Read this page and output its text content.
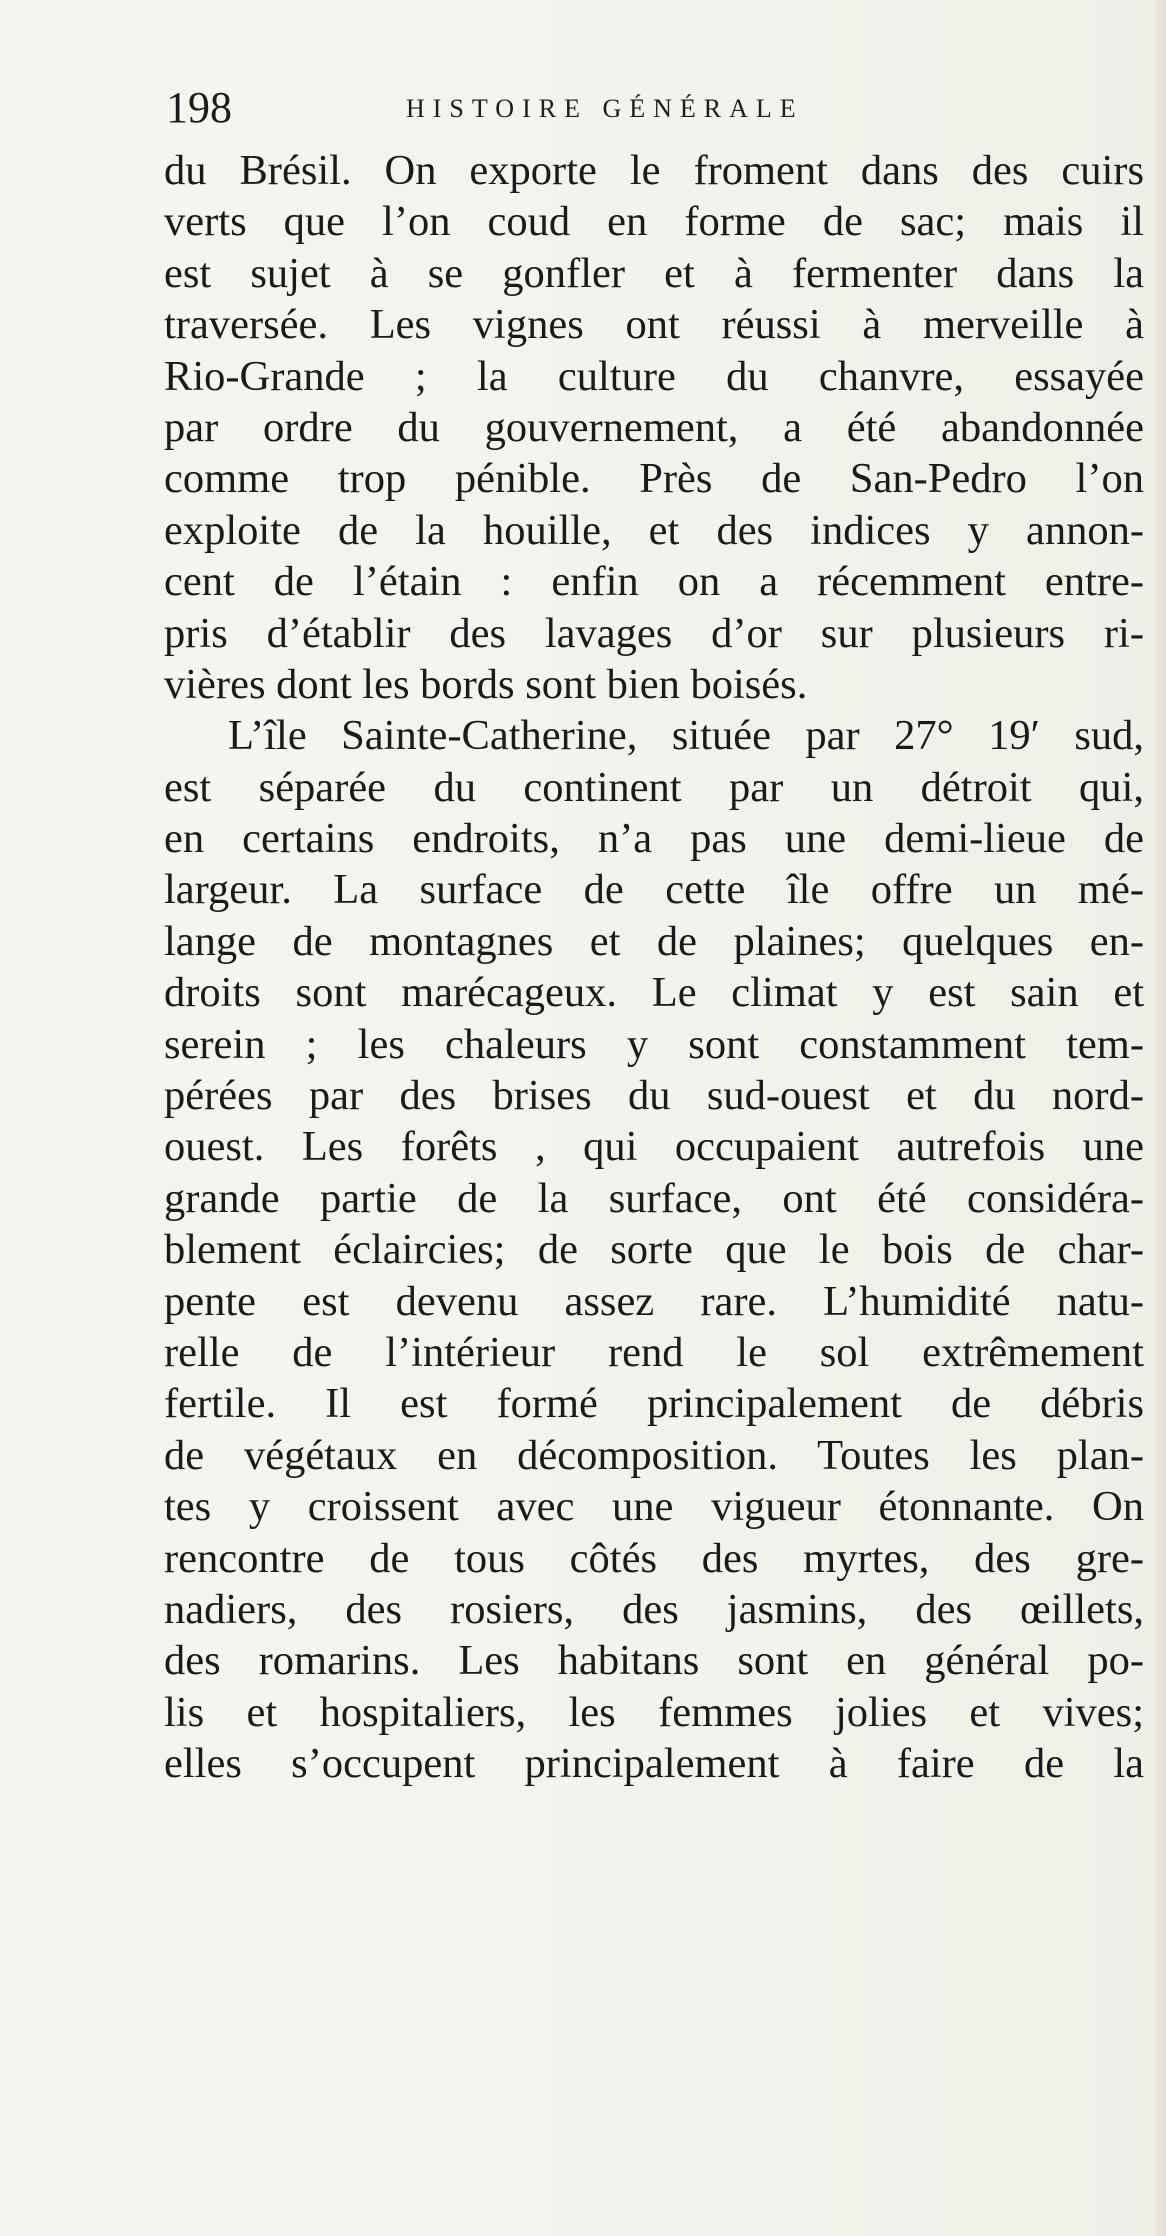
198	HISTOIRE GÉNÉRALE
du Brésil. On exporte le froment dans des cuirs
verts que l’on coud en forme de sac; mais il
est sujet à se gonfler et à fermenter dans la
traversée. Les vignes ont réussi à merveille à
Rio-Grande ; la culture du chanvre, essayée
par ordre du gouvernement, a été abandonnée
comme trop pénible. Près de San-Pedro l’on
exploite de la houille, et des indices y annon-
cent de l’étain : enfin on a récemment entre-
pris d’établir des lavages d’or sur plusieurs ri-
vières dont les bords sont bien boisés.
L’île Sainte-Catherine, située par 27° 19′ sud,
est séparée du continent par un détroit qui,
en certains endroits, n’a pas une demi-lieue de
largeur. La surface de cette île offre un mé-
lange de montagnes et de plaines; quelques en-
droits sont marécageux. Le climat y est sain et
serein ; les chaleurs y sont constamment tem-
pérées par des brises du sud-ouest et du nord-
ouest. Les forêts , qui occupaient autrefois une
grande partie de la surface, ont été considéra-
blement éclaircies; de sorte que le bois de char-
pente est devenu assez rare. L’humidité natu-
relle de l’intérieur rend le sol extrêmement
fertile. Il est formé principalement de débris
de végétaux en décomposition. Toutes les plan-
tes y croissent avec une vigueur étonnante. On
rencontre de tous côtés des myrtes, des gre-
nadiers, des rosiers, des jasmins, des œillets,
des romarins. Les habitans sont en général po-
lis et hospitaliers, les femmes jolies et vives;
elles s’occupent principalement à faire de la
